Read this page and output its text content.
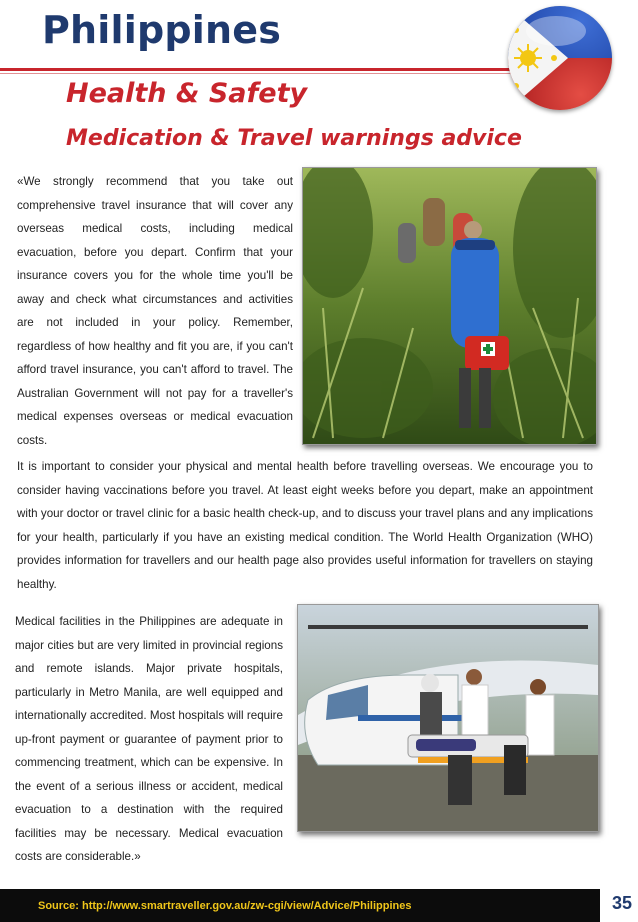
Philippines
Health & Safety
Medication & Travel warnings advice

«We strongly recommend that you take out comprehensive travel insurance that will cover any overseas medical costs, including medical evacuation, before you depart. Confirm that your insurance covers you for the whole time you'll be away and check what circumstances and activities are not included in your policy. Remember, regardless of how healthy and fit you are, if you can't afford travel insurance, you can't afford to travel. The Australian Government will not pay for a traveller's medical expenses overseas or medical evacuation costs.

It is important to consider your physical and mental health before travelling overseas. We encourage you to consider having vaccinations before you travel. At least eight weeks before you depart, make an appointment with your doctor or travel clinic for a basic health check-up, and to discuss your travel plans and any implications for your health, particularly if you have an existing medical condition. The World Health Organization (WHO) provides information for travellers and our health page also provides useful information for travellers on staying healthy.

Medical facilities in the Philippines are adequate in major cities but are very limited in provincial regions and remote islands. Major private hospitals, particularly in Metro Manila, are well equipped and internationally accredited. Most hospitals will require up-front payment or guarantee of payment prior to commencing treatment, which can be expensive. In the event of a serious illness or accident, medical evacuation to a destination with the required facilities may be necessary. Medical evacuation costs are considerable.»

Source: http://www.smartraveller.gov.au/zw-cgi/view/Advice/Philippines	35
